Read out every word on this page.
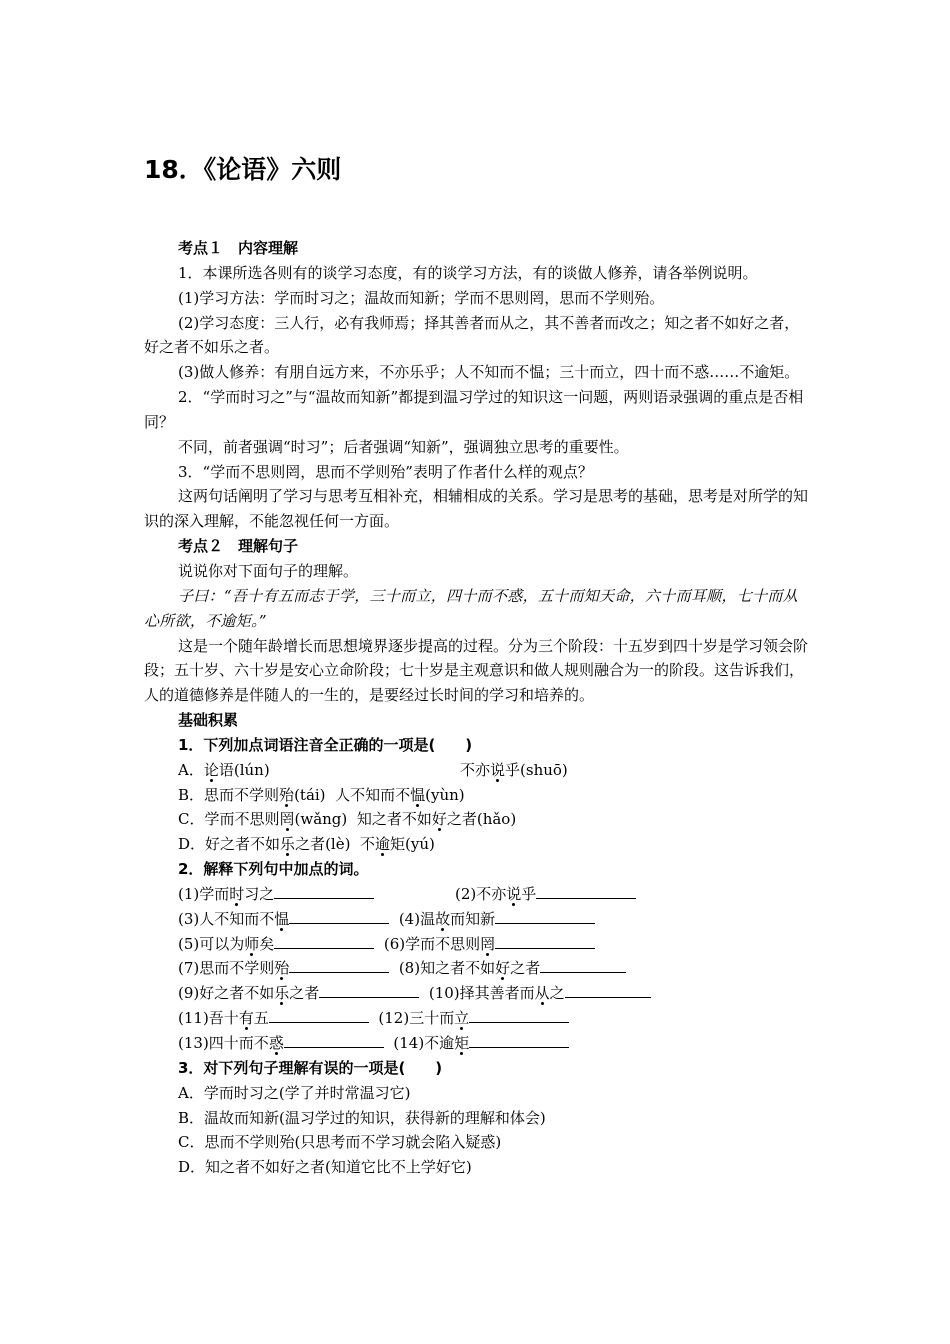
18．《论语》六则

考点１　内容理解

1．本课所选各则有的谈学习态度，有的谈学习方法，有的谈做人修养，请各举例说明。

(1)学习方法：学而时习之；温故而知新；学而不思则罔，思而不学则殆。

(2)学习态度：三人行，必有我师焉；择其善者而从之，其不善者而改之；知之者不如好之者，好之者不如乐之者。

(3)做人修养：有朋自远方来，不亦乐乎；人不知而不愠；三十而立，四十而不惑……不逾矩。

2．“学而时习之”与“温故而知新”都提到温习学过的知识这一问题，两则语录强调的重点是否相同？

不同，前者强调“时习”；后者强调“知新”，强调独立思考的重要性。

3．“学而不思则罔，思而不学则殆”表明了作者什么样的观点？

这两句话阐明了学习与思考互相补充，相辅相成的关系。学习是思考的基础，思考是对所学的知识的深入理解，不能忽视任何一方面。

考点２　理解句子

说说你对下面句子的理解。

子曰：“吾十有五而志于学，三十而立，四十而不惑，五十而知天命，六十而耳顺，七十而从心所欲，不逾矩。”

这是一个随年龄增长而思想境界逐步提高的过程。分为三个阶段：十五岁到四十岁是学习领会阶段；五十岁、六十岁是安心立命阶段；七十岁是主观意识和做人规则融合为一的阶段。这告诉我们，人的道德修养是伴随人的一生的，是要经过长时间的学习和培养的。

基础积累

1．下列加点词语注音全正确的一项是(　　)

A．论语(lún)	不亦说乎(shuō)
B．思而不学则殆(tái) 人不知而不愠(yùn)
C．学而不思则罔(wǎng) 知之者不如好之者(hǎo)
D．好之者不如乐之者(lè) 不逾矩(yú)

2．解释下列句中加点的词。

(1)学而时习之	(2)不亦说乎
(3)人不知而不愠	(4)温故而知新
(5)可以为师矣	(6)学而不思则罔
(7)思而不学则殆	(8)知之者不如好之者
(9)好之者不如乐之者	(10)择其善者而从之
(11)吾十有五	(12)三十而立
(13)四十而不惑	(14)不逾矩

3．对下列句子理解有误的一项是(　　)

A．学而时习之(学了并时常温习它)

B．温故而知新(温习学过的知识，获得新的理解和体会)

C．思而不学则殆(只思考而不学习就会陷入疑惑)

D．知之者不如好之者(知道它比不上学好它)
